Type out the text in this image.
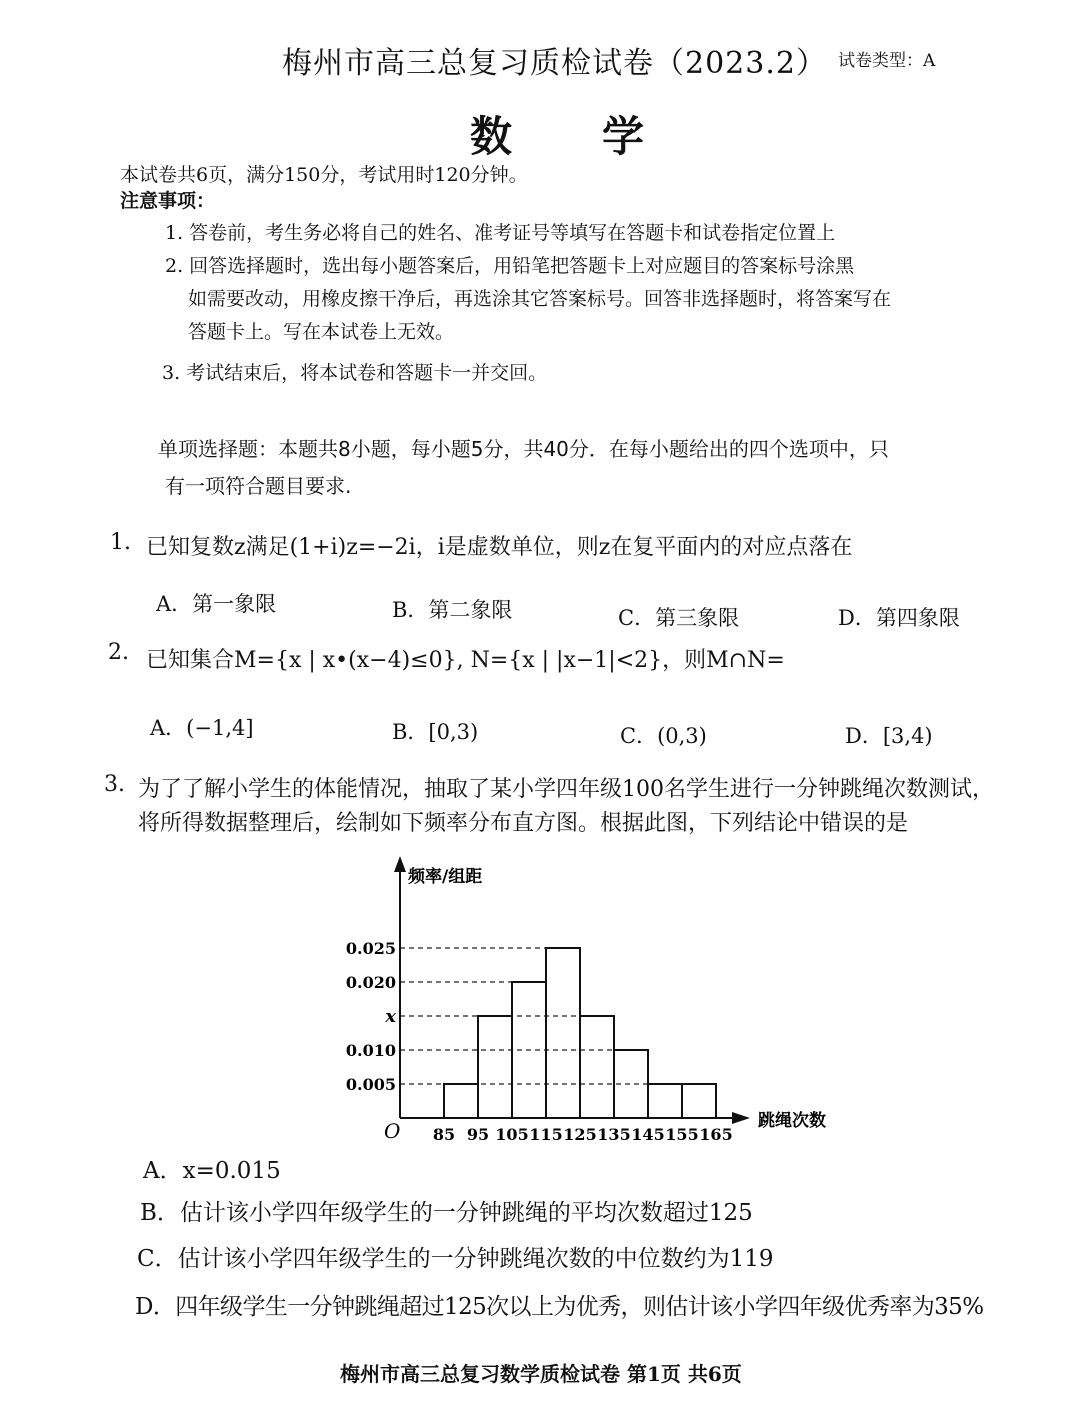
梅州市高三总复习质检试卷（2023.2） 试卷类型：A
数学
本试卷共6页，满分150分，考试用时120分钟。
注意事项：
1. 答卷前，考生务必将自己的姓名、准考证号等填写在答题卡和试卷指定位置上
2. 回答选择题时，选出每小题答案后，用铅笔把答题卡上对应题目的答案标号涂黑
如需要改动，用橡皮擦干净后，再选涂其它答案标号。回答非选择题时，将答案写在
答题卡上。写在本试卷上无效。
3. 考试结束后，将本试卷和答题卡一并交回。
单项选择题：本题共8小题，每小题5分，共40分．在每小题给出的四个选项中，只
有一项符合题目要求.
1. 已知复数z满足(1+i)z=−2i，i是虚数单位，则z在复平面内的对应点落在
A．第一象限	B．第二象限	C．第三象限	D．第四象限
2. 已知集合M={x | x•(x−4)≤0}, N={x | |x−1|<2}，则M∩N=
A．(−1,4]	B．[0,3)	C．(0,3)	D．[3,4)
3. 为了了解小学生的体能情况，抽取了某小学四年级100名学生进行一分钟跳绳次数测试，
将所得数据整理后，绘制如下频率分布直方图。根据此图，下列结论中错误的是
0.005
0.010
x
0.020
0.025
85 95 105 115 125 135 145 155 165
O
频率/组距
跳绳次数
A．x=0.015
B．估计该小学四年级学生的一分钟跳绳的平均次数超过125
C．估计该小学四年级学生的一分钟跳绳次数的中位数约为119
D．四年级学生一分钟跳绳超过125次以上为优秀，则估计该小学四年级优秀率为35%
梅州市高三总复习数学质检试卷 第1页 共6页
